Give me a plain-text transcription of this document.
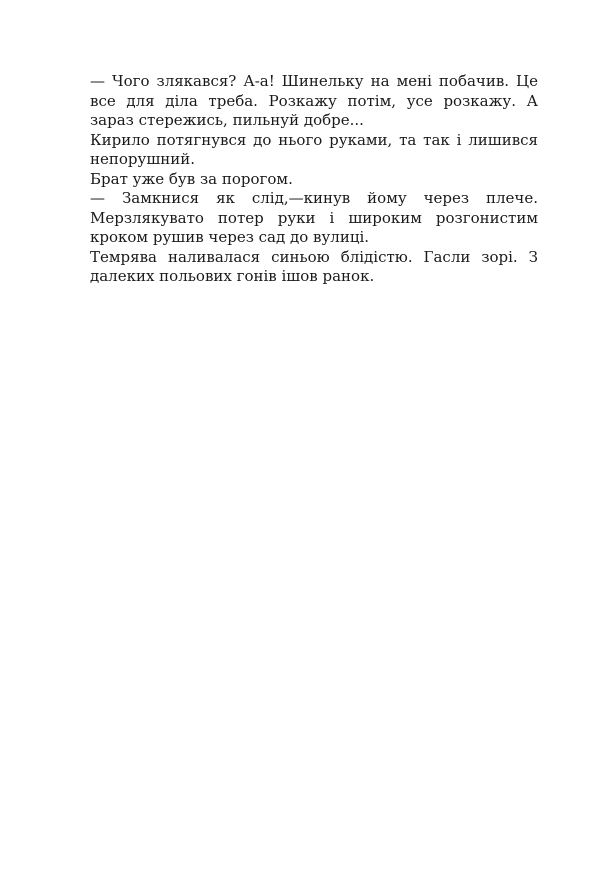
— Чого злякався? А-а! Шинельку на мені побачив. Це все для діла треба. Розкажу потім, усе розкажу. А зараз стережись, пильнуй добре...

Кирило потягнувся до нього руками, та так і лишився непорушний.

Брат уже був за порогом.

— Замкнися як слід,—кинув йому через плече. Мерзлякувато потер руки і широким розгонистим кроком рушив через сад до вулиці.

Темрява наливалася синьою блідістю. Гасли зорі. З далеких польових гонів ішов ранок.
